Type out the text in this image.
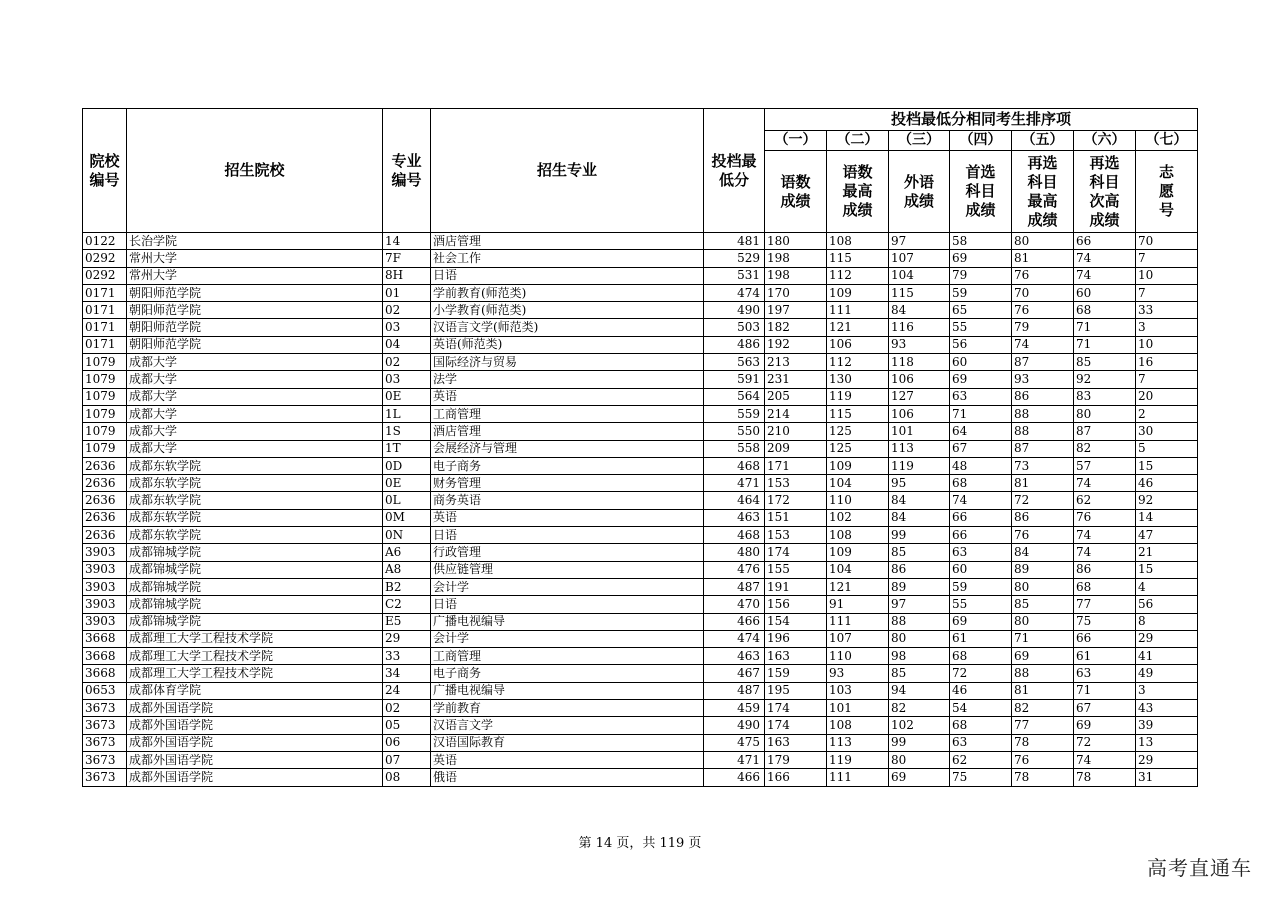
院校编号	招生院校	专业编号	招生专业	投档最低分	投档最低分相同考生排序项						
					（一）	（二）	（三）	（四）	（五）	（六）	（七）
					语数成绩	语数最高成绩	外语成绩	首选科目成绩	再选科目最高成绩	再选科目次高成绩	志愿号
0122	长治学院	14	酒店管理	481	180	108	97	58	80	66	70
0292	常州大学	7F	社会工作	529	198	115	107	69	81	74	7
0292	常州大学	8H	日语	531	198	112	104	79	76	74	10
0171	朝阳师范学院	01	学前教育(师范类)	474	170	109	115	59	70	60	7
0171	朝阳师范学院	02	小学教育(师范类)	490	197	111	84	65	76	68	33
0171	朝阳师范学院	03	汉语言文学(师范类)	503	182	121	116	55	79	71	3
0171	朝阳师范学院	04	英语(师范类)	486	192	106	93	56	74	71	10
1079	成都大学	02	国际经济与贸易	563	213	112	118	60	87	85	16
1079	成都大学	03	法学	591	231	130	106	69	93	92	7
1079	成都大学	0E	英语	564	205	119	127	63	86	83	20
1079	成都大学	1L	工商管理	559	214	115	106	71	88	80	2
1079	成都大学	1S	酒店管理	550	210	125	101	64	88	87	30
1079	成都大学	1T	会展经济与管理	558	209	125	113	67	87	82	5
2636	成都东软学院	0D	电子商务	468	171	109	119	48	73	57	15
2636	成都东软学院	0E	财务管理	471	153	104	95	68	81	74	46
2636	成都东软学院	0L	商务英语	464	172	110	84	74	72	62	92
2636	成都东软学院	0M	英语	463	151	102	84	66	86	76	14
2636	成都东软学院	0N	日语	468	153	108	99	66	76	74	47
3903	成都锦城学院	A6	行政管理	480	174	109	85	63	84	74	21
3903	成都锦城学院	A8	供应链管理	476	155	104	86	60	89	86	15
3903	成都锦城学院	B2	会计学	487	191	121	89	59	80	68	4
3903	成都锦城学院	C2	日语	470	156	91	97	55	85	77	56
3903	成都锦城学院	E5	广播电视编导	466	154	111	88	69	80	75	8
3668	成都理工大学工程技术学院	29	会计学	474	196	107	80	61	71	66	29
3668	成都理工大学工程技术学院	33	工商管理	463	163	110	98	68	69	61	41
3668	成都理工大学工程技术学院	34	电子商务	467	159	93	85	72	88	63	49
0653	成都体育学院	24	广播电视编导	487	195	103	94	46	81	71	3
3673	成都外国语学院	02	学前教育	459	174	101	82	54	82	67	43
3673	成都外国语学院	05	汉语言文学	490	174	108	102	68	77	69	39
3673	成都外国语学院	06	汉语国际教育	475	163	113	99	63	78	72	13
3673	成都外国语学院	07	英语	471	179	119	80	62	76	74	29
3673	成都外国语学院	08	俄语	466	166	111	69	75	78	78	31
第 14 页，共 119 页
高考直通车
